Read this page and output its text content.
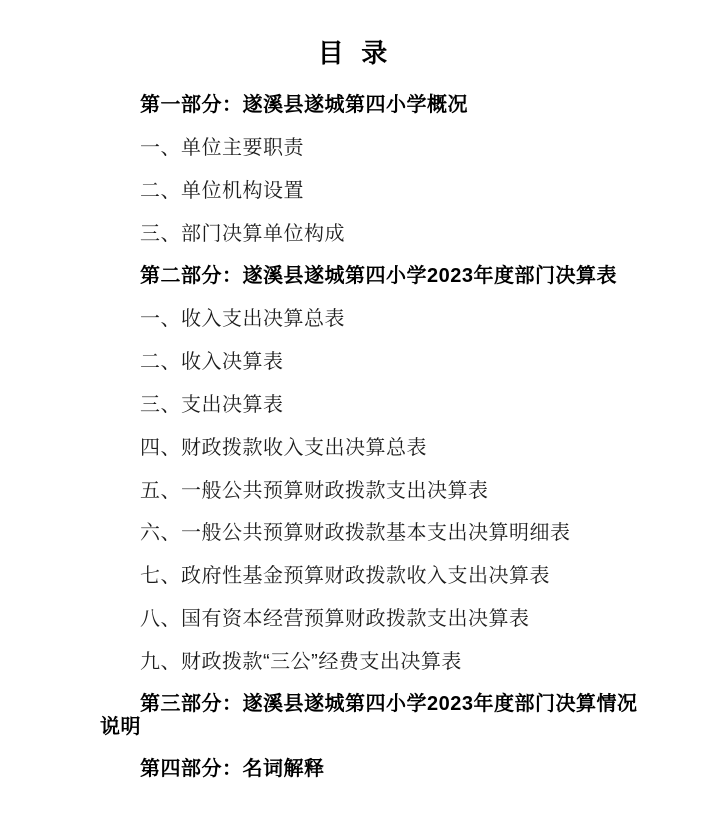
目  录
第一部分：遂溪县遂城第四小学概况
一、单位主要职责
二、单位机构设置
三、部门决算单位构成
第二部分：遂溪县遂城第四小学2023年度部门决算表
一、收入支出决算总表
二、收入决算表
三、支出决算表
四、财政拨款收入支出决算总表
五、一般公共预算财政拨款支出决算表
六、一般公共预算财政拨款基本支出决算明细表
七、政府性基金预算财政拨款收入支出决算表
八、国有资本经营预算财政拨款支出决算表
九、财政拨款“三公”经费支出决算表
第三部分：遂溪县遂城第四小学2023年度部门决算情况
说明
第四部分：名词解释
